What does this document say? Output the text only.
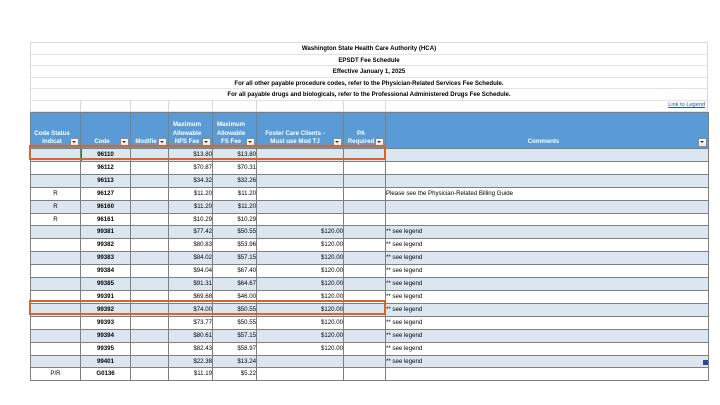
Washington State Health Care Authority (HCA)
EPSDT Fee Schedule
Effective January 1, 2025
For all other payable procedure codes, refer to the Physician-Related Services Fee Schedule.
For all payable drugs and biologicals, refer to the Professional Administered Drugs Fee Schedule.
Link to Legend
Code Status Indicat	Code	Modifie	Maximum Allowable NFS Fee	Maximum Allowable FS Fee	Foster Care Clients - Must use Mod TJ	PA Required	Comments

	96110		$13.80	$13.80			
	96112		$70.87	$70.31			
	96113		$34.32	$32.26			
R	96127		$11.20	$11.20			Please see the Physician-Related Billing Guide
R	96160		$11.20	$11.20			
R	96161		$10.29	$10.29			
	99381		$77.42	$50.55	$120.00		** see legend
	99382		$80.83	$53.96	$120.00		** see legend
	99383		$84.02	$57.15	$120.00		** see legend
	99384		$94.04	$67.40	$120.00		** see legend
	99385		$91.31	$64.67	$120.00		** see legend
	99391		$69.68	$46.00	$120.00		** see legend
	99392		$74.00	$50.55	$120.00		** see legend
	99393		$73.77	$50.55	$120.00		** see legend
	99394		$80.61	$57.15	$120.00		** see legend
	99395		$82.43	$58.97	$120.00		** see legend
	99401		$22.38	$13.24			** see legend
P/R	G0136		$11.19	$5.22			
